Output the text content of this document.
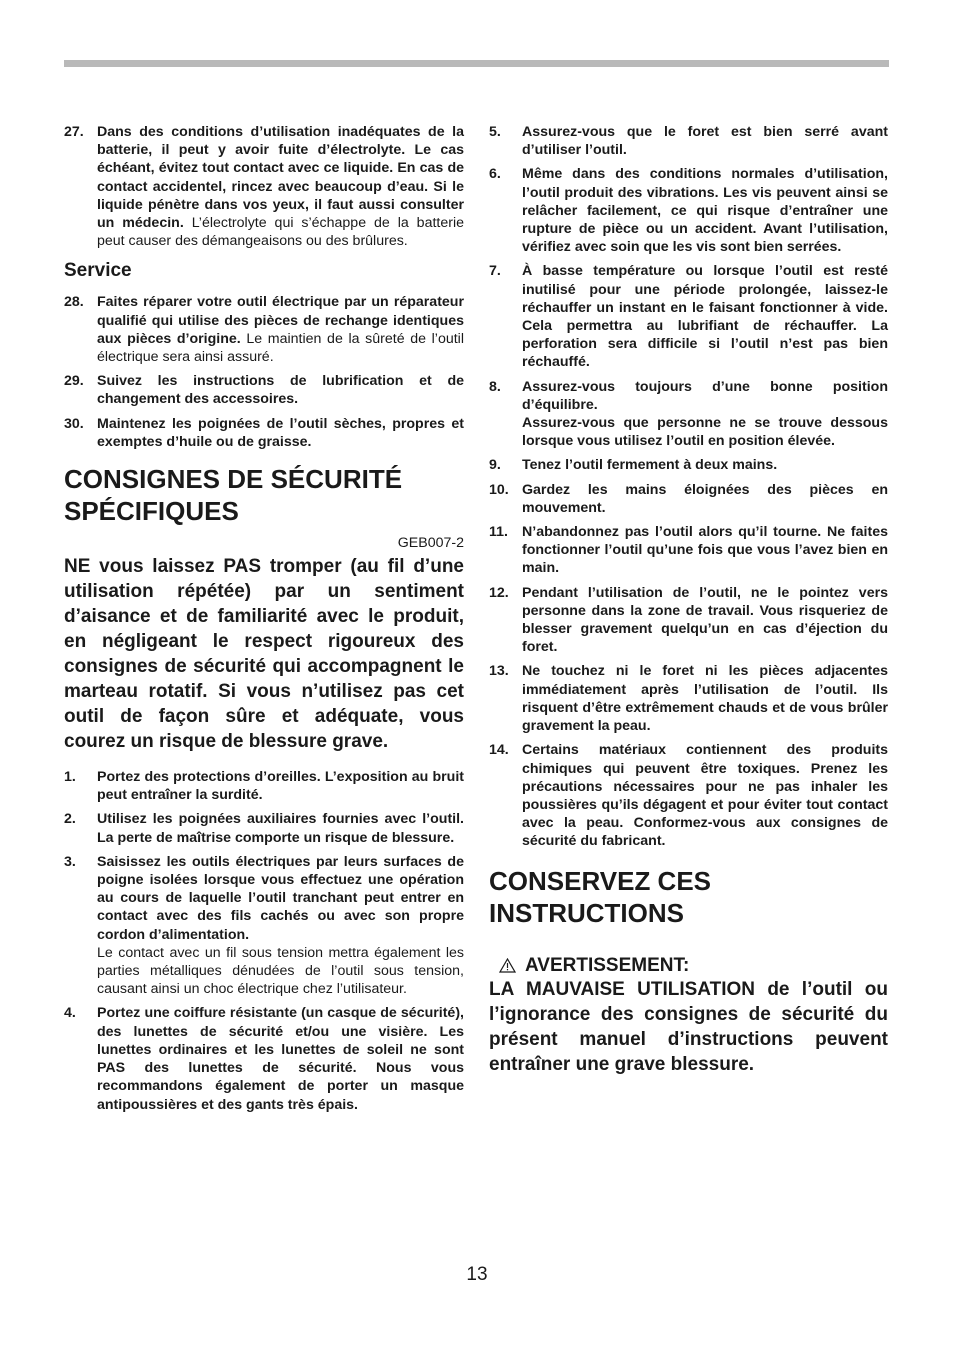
27. Dans des conditions d’utilisation inadéquates de la batterie, il peut y avoir fuite d’électrolyte. Le cas échéant, évitez tout contact avec ce liquide. En cas de contact accidentel, rincez avec beaucoup d’eau. Si le liquide pénètre dans vos yeux, il faut aussi consulter un médecin. L’électrolyte qui s’échappe de la batterie peut causer des démangeaisons ou des brûlures.
Service
28. Faites réparer votre outil électrique par un réparateur qualifié qui utilise des pièces de rechange identiques aux pièces d’origine. Le maintien de la sûreté de l’outil électrique sera ainsi assuré.
29. Suivez les instructions de lubrification et de changement des accessoires.
30. Maintenez les poignées de l’outil sèches, propres et exemptes d’huile ou de graisse.
CONSIGNES DE SÉCURITÉ SPÉCIFIQUES
GEB007-2
NE vous laissez PAS tromper (au fil d’une utilisation répétée) par un sentiment d’aisance et de familiarité avec le produit, en négligeant le respect rigoureux des consignes de sécurité qui accompagnent le marteau rotatif. Si vous n’utilisez pas cet outil de façon sûre et adéquate, vous courez un risque de blessure grave.
1.	Portez des protections d’oreilles. L’exposition au bruit peut entraîner la surdité.
2.	Utilisez les poignées auxiliaires fournies avec l’outil. La perte de maîtrise comporte un risque de blessure.
3.	Saisissez les outils électriques par leurs surfaces de poigne isolées lorsque vous effectuez une opération au cours de laquelle l’outil tranchant peut entrer en contact avec des fils cachés ou avec son propre cordon d’alimentation.
Le contact avec un fil sous tension mettra également les parties métalliques dénudées de l’outil sous tension, causant ainsi un choc électrique chez l’utilisateur.
4.	Portez une coiffure résistante (un casque de sécurité), des lunettes de sécurité et/ou une visière. Les lunettes ordinaires et les lunettes de soleil ne sont PAS des lunettes de sécurité. Nous vous recommandons également de porter un masque antipoussières et des gants très épais.
5.	Assurez-vous que le foret est bien serré avant d’utiliser l’outil.
6.	Même dans des conditions normales d’utilisation, l’outil produit des vibrations. Les vis peuvent ainsi se relâcher facilement, ce qui risque d’entraîner une rupture de pièce ou un accident. Avant l’utilisation, vérifiez avec soin que les vis sont bien serrées.
7.	À basse température ou lorsque l’outil est resté inutilisé pour une période prolongée, laissez-le réchauffer un instant en le faisant fonctionner à vide. Cela permettra au lubrifiant de réchauffer. La perforation sera difficile si l’outil n’est pas bien réchauffé.
8.	Assurez-vous toujours d’une bonne position d’équilibre.
Assurez-vous que personne ne se trouve dessous lorsque vous utilisez l’outil en position élevée.
9.	Tenez l’outil fermement à deux mains.
10. Gardez les mains éloignées des pièces en mouvement.
11. N’abandonnez pas l’outil alors qu’il tourne. Ne faites fonctionner l’outil qu’une fois que vous l’avez bien en main.
12. Pendant l’utilisation de l’outil, ne le pointez vers personne dans la zone de travail. Vous risqueriez de blesser gravement quelqu’un en cas d’éjection du foret.
13. Ne touchez ni le foret ni les pièces adjacentes immédiatement après l’utilisation de l’outil. Ils risquent d’être extrêmement chauds et de vous brûler gravement la peau.
14. Certains matériaux contiennent des produits chimiques qui peuvent être toxiques. Prenez les précautions nécessaires pour ne pas inhaler les poussières qu’ils dégagent et pour éviter tout contact avec la peau. Conformez-vous aux consignes de sécurité du fabricant.
CONSERVEZ CES INSTRUCTIONS
AVERTISSEMENT:
LA MAUVAISE UTILISATION de l’outil ou l’ignorance des consignes de sécurité du présent manuel d’instructions peuvent entraîner une grave blessure.
13
